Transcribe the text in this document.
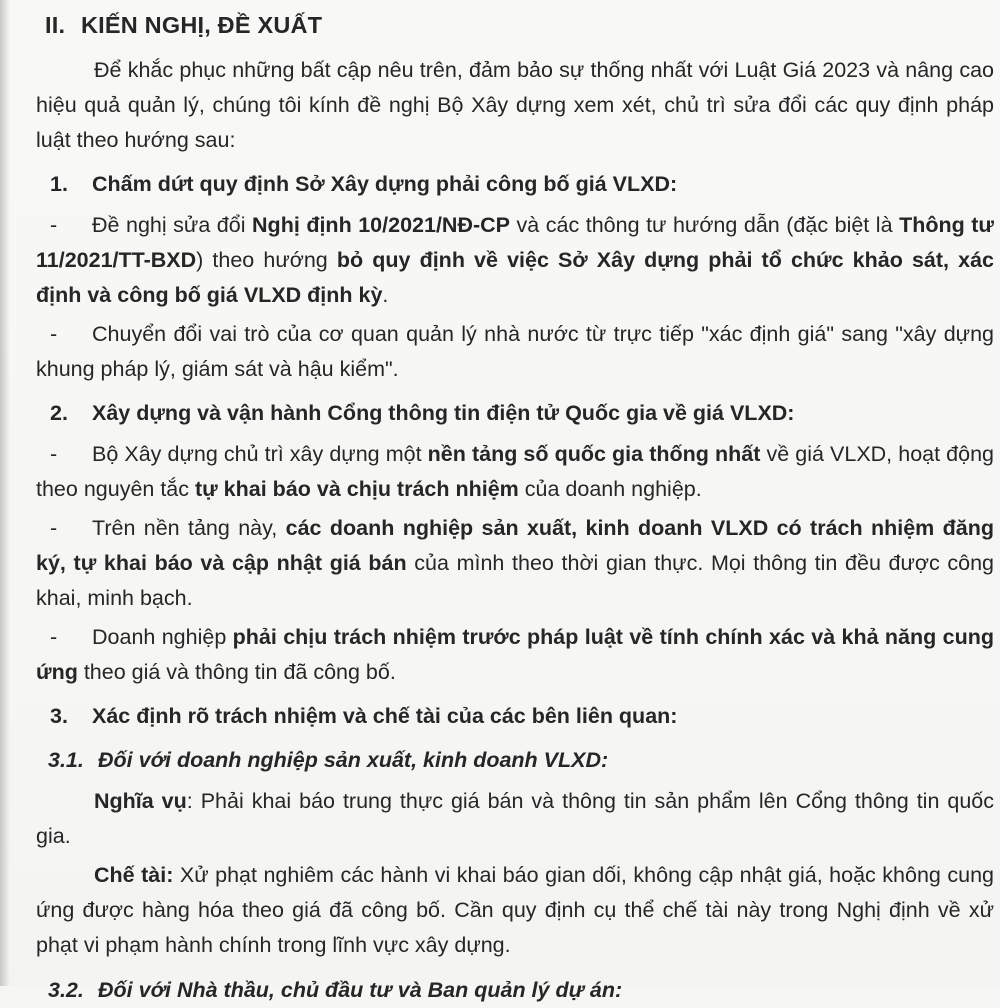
II. KIẾN NGHỊ, ĐỀ XUẤT
Để khắc phục những bất cập nêu trên, đảm bảo sự thống nhất với Luật Giá 2023 và nâng cao hiệu quả quản lý, chúng tôi kính đề nghị Bộ Xây dựng xem xét, chủ trì sửa đổi các quy định pháp luật theo hướng sau:
1. Chấm dứt quy định Sở Xây dựng phải công bố giá VLXD:
- Đề nghị sửa đổi Nghị định 10/2021/NĐ-CP và các thông tư hướng dẫn (đặc biệt là Thông tư 11/2021/TT-BXD) theo hướng bỏ quy định về việc Sở Xây dựng phải tổ chức khảo sát, xác định và công bố giá VLXD định kỳ.
- Chuyển đổi vai trò của cơ quan quản lý nhà nước từ trực tiếp "xác định giá" sang "xây dựng khung pháp lý, giám sát và hậu kiểm".
2. Xây dựng và vận hành Cổng thông tin điện tử Quốc gia về giá VLXD:
- Bộ Xây dựng chủ trì xây dựng một nền tảng số quốc gia thống nhất về giá VLXD, hoạt động theo nguyên tắc tự khai báo và chịu trách nhiệm của doanh nghiệp.
- Trên nền tảng này, các doanh nghiệp sản xuất, kinh doanh VLXD có trách nhiệm đăng ký, tự khai báo và cập nhật giá bán của mình theo thời gian thực. Mọi thông tin đều được công khai, minh bạch.
- Doanh nghiệp phải chịu trách nhiệm trước pháp luật về tính chính xác và khả năng cung ứng theo giá và thông tin đã công bố.
3. Xác định rõ trách nhiệm và chế tài của các bên liên quan:
3.1. Đối với doanh nghiệp sản xuất, kinh doanh VLXD:
Nghĩa vụ: Phải khai báo trung thực giá bán và thông tin sản phẩm lên Cổng thông tin quốc gia.
Chế tài: Xử phạt nghiêm các hành vi khai báo gian dối, không cập nhật giá, hoặc không cung ứng được hàng hóa theo giá đã công bố. Cần quy định cụ thể chế tài này trong Nghị định về xử phạt vi phạm hành chính trong lĩnh vực xây dựng.
3.2. Đối với Nhà thầu, chủ đầu tư và Ban quản lý dự án:
